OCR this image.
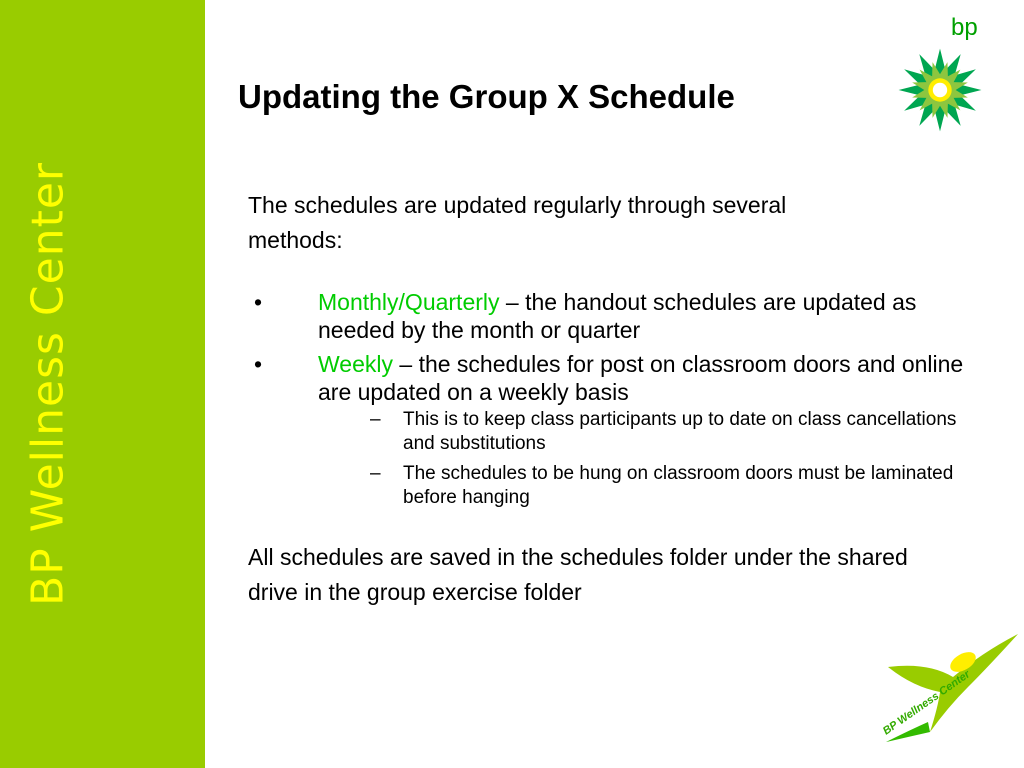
BP Wellness Center
Updating the Group X Schedule
bp

The schedules are updated regularly through several methods:

• Monthly/Quarterly – the handout schedules are updated as needed by the month or quarter
• Weekly – the schedules for post on classroom doors and online are updated on a weekly basis
– This is to keep class participants up to date on class cancellations and substitutions
– The schedules to be hung on classroom doors must be laminated before hanging

All schedules are saved in the schedules folder under the shared drive in the group exercise folder

BP Wellness Center
